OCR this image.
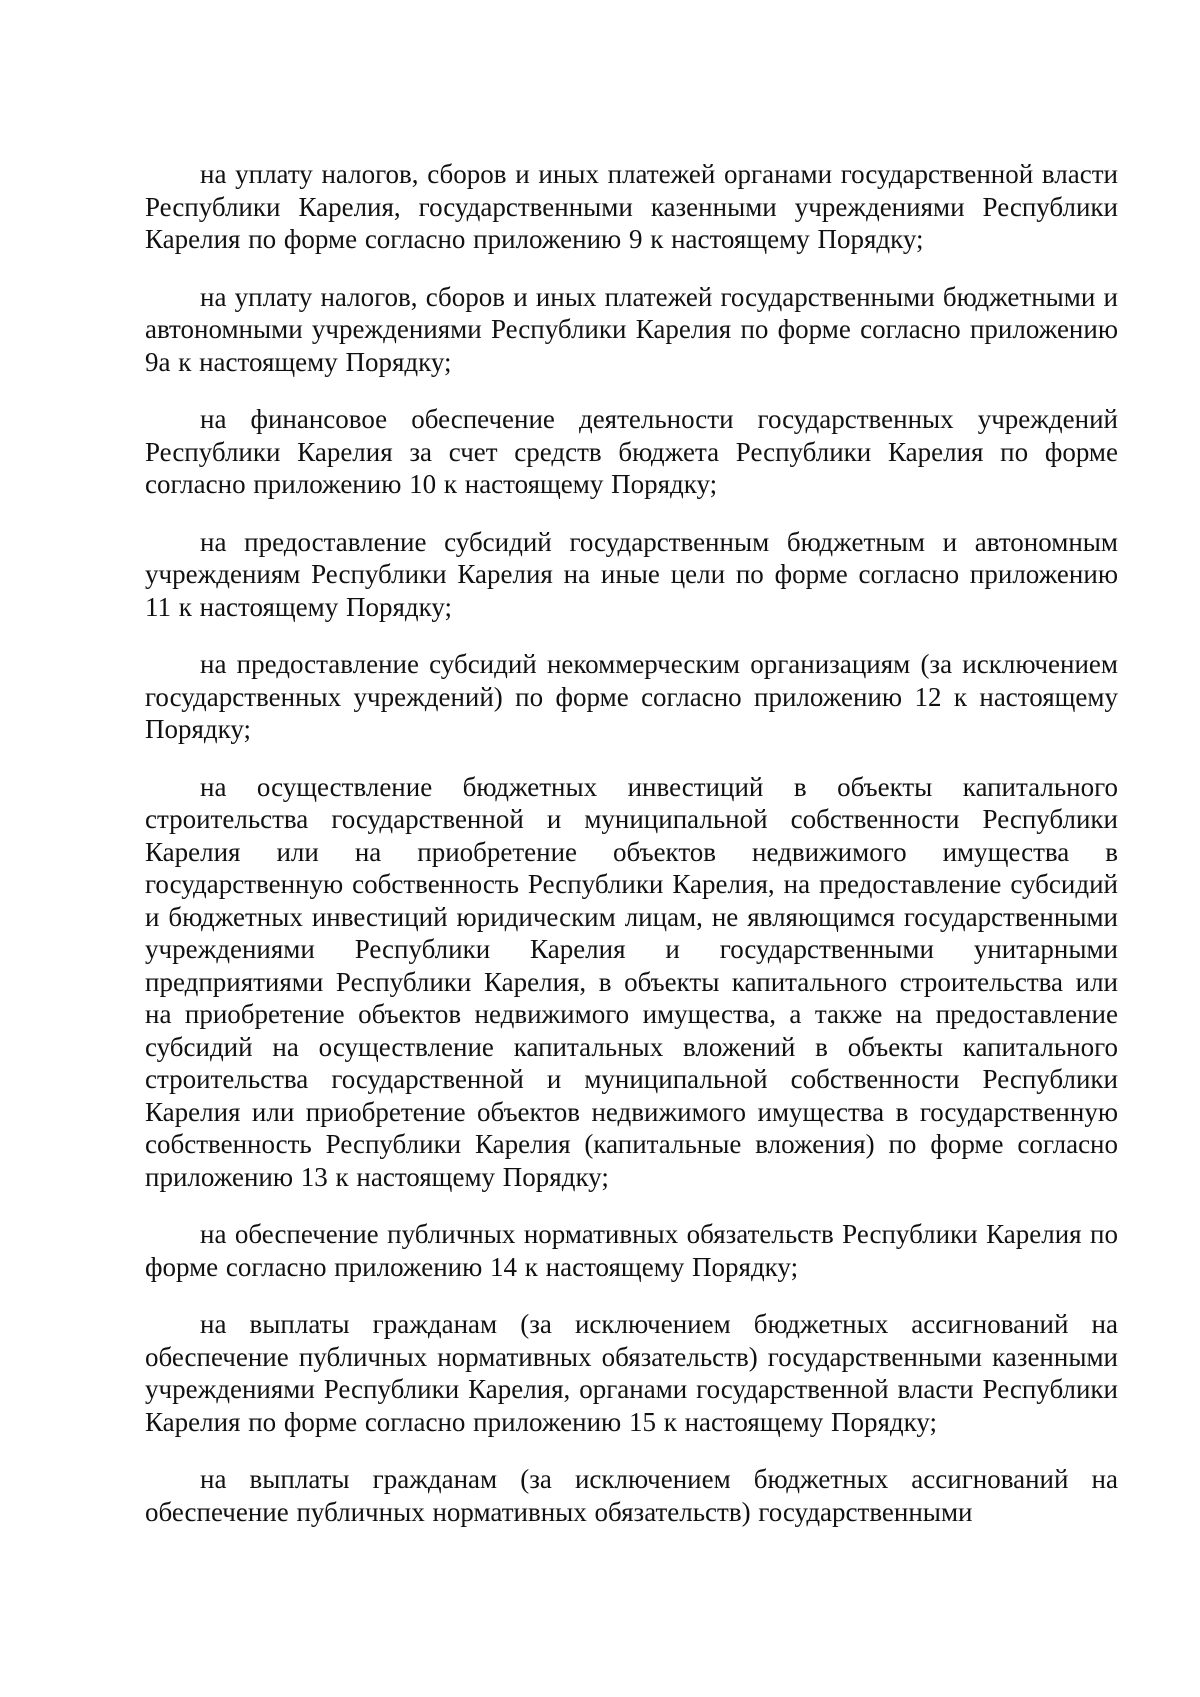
на уплату налогов, сборов и иных платежей органами государственной власти Республики Карелия, государственными казенными учреждениями Республики Карелия по форме согласно приложению 9 к настоящему Порядку;

на уплату налогов, сборов и иных платежей государственными бюджетными и автономными учреждениями Республики Карелия по форме согласно приложению 9а к настоящему Порядку;

на финансовое обеспечение деятельности государственных учреждений Республики Карелия за счет средств бюджета Республики Карелия по форме согласно приложению 10 к настоящему Порядку;

на предоставление субсидий государственным бюджетным и автономным учреждениям Республики Карелия на иные цели по форме согласно приложению 11 к настоящему Порядку;

на предоставление субсидий некоммерческим организациям (за исключением государственных учреждений) по форме согласно приложению 12 к настоящему Порядку;

на осуществление бюджетных инвестиций в объекты капитального строительства государственной и муниципальной собственности Республики Карелия или на приобретение объектов недвижимого имущества в государственную собственность Республики Карелия, на предоставление субсидий и бюджетных инвестиций юридическим лицам, не являющимся государственными учреждениями Республики Карелия и государственными унитарными предприятиями Республики Карелия, в объекты капитального строительства или на приобретение объектов недвижимого имущества, а также на предоставление субсидий на осуществление капитальных вложений в объекты капитального строительства государственной и муниципальной собственности Республики Карелия или приобретение объектов недвижимого имущества в государственную собственность Республики Карелия (капитальные вложения) по форме согласно приложению 13 к настоящему Порядку;

на обеспечение публичных нормативных обязательств Республики Карелия по форме согласно приложению 14 к настоящему Порядку;

на выплаты гражданам (за исключением бюджетных ассигнований на обеспечение публичных нормативных обязательств) государственными казенными учреждениями Республики Карелия, органами государственной власти Республики Карелия по форме согласно приложению 15 к настоящему Порядку;

на выплаты гражданам (за исключением бюджетных ассигнований на обеспечение публичных нормативных обязательств) государственными
